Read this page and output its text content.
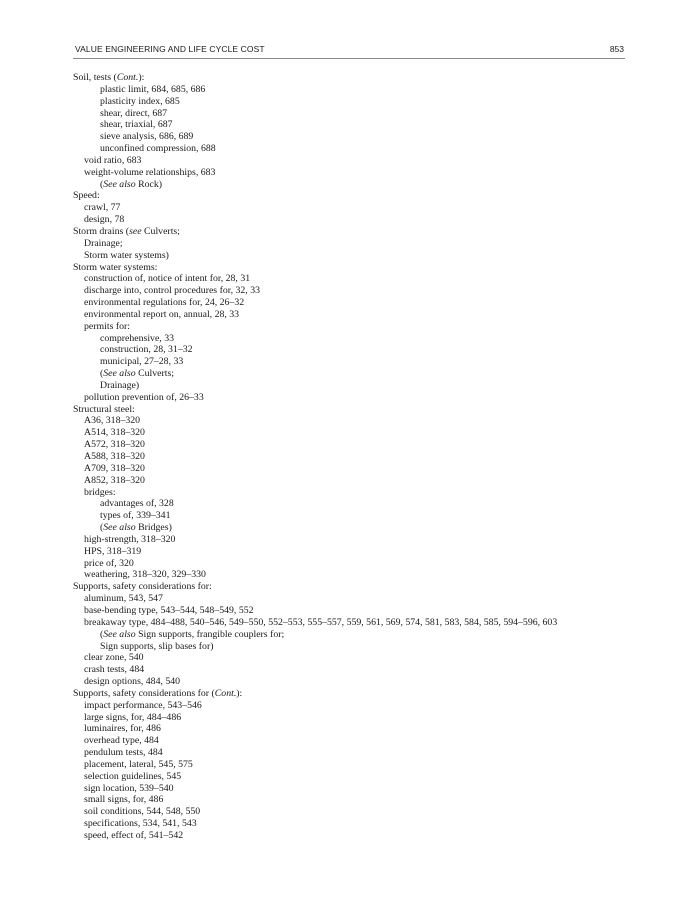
VALUE ENGINEERING AND LIFE CYCLE COST	853
Soil, tests (Cont.):
plastic limit, 684, 685, 686
plasticity index, 685
shear, direct, 687
shear, triaxial, 687
sieve analysis, 686, 689
unconfined compression, 688
void ratio, 683
weight-volume relationships, 683
(See also Rock)
Speed:
crawl, 77
design, 78
Storm drains (see Culverts;
Drainage;
Storm water systems)
Storm water systems:
construction of, notice of intent for, 28, 31
discharge into, control procedures for, 32, 33
environmental regulations for, 24, 26–32
environmental report on, annual, 28, 33
permits for:
comprehensive, 33
construction, 28, 31–32
municipal, 27–28, 33
(See also Culverts;
Drainage)
pollution prevention of, 26–33
Structural steel:
A36, 318–320
A514, 318–320
A572, 318–320
A588, 318–320
A709, 318–320
A852, 318–320
bridges:
advantages of, 328
types of, 339–341
(See also Bridges)
high-strength, 318–320
HPS, 318–319
price of, 320
weathering, 318–320, 329–330
Supports, safety considerations for:
aluminum, 543, 547
base-bending type, 543–544, 548–549, 552
breakaway type, 484–488, 540–546, 549–550, 552–553, 555–557, 559, 561, 569, 574, 581, 583, 584, 585, 594–596, 603
(See also Sign supports, frangible couplers for;
Sign supports, slip bases for)
clear zone, 540
crash tests, 484
design options, 484, 540
Supports, safety considerations for (Cont.):
impact performance, 543–546
large signs, for, 484–486
luminaires, for, 486
overhead type, 484
pendulum tests, 484
placement, lateral, 545, 575
selection guidelines, 545
sign location, 539–540
small signs, for, 486
soil conditions, 544, 548, 550
specifications, 534, 541, 543
speed, effect of, 541–542
